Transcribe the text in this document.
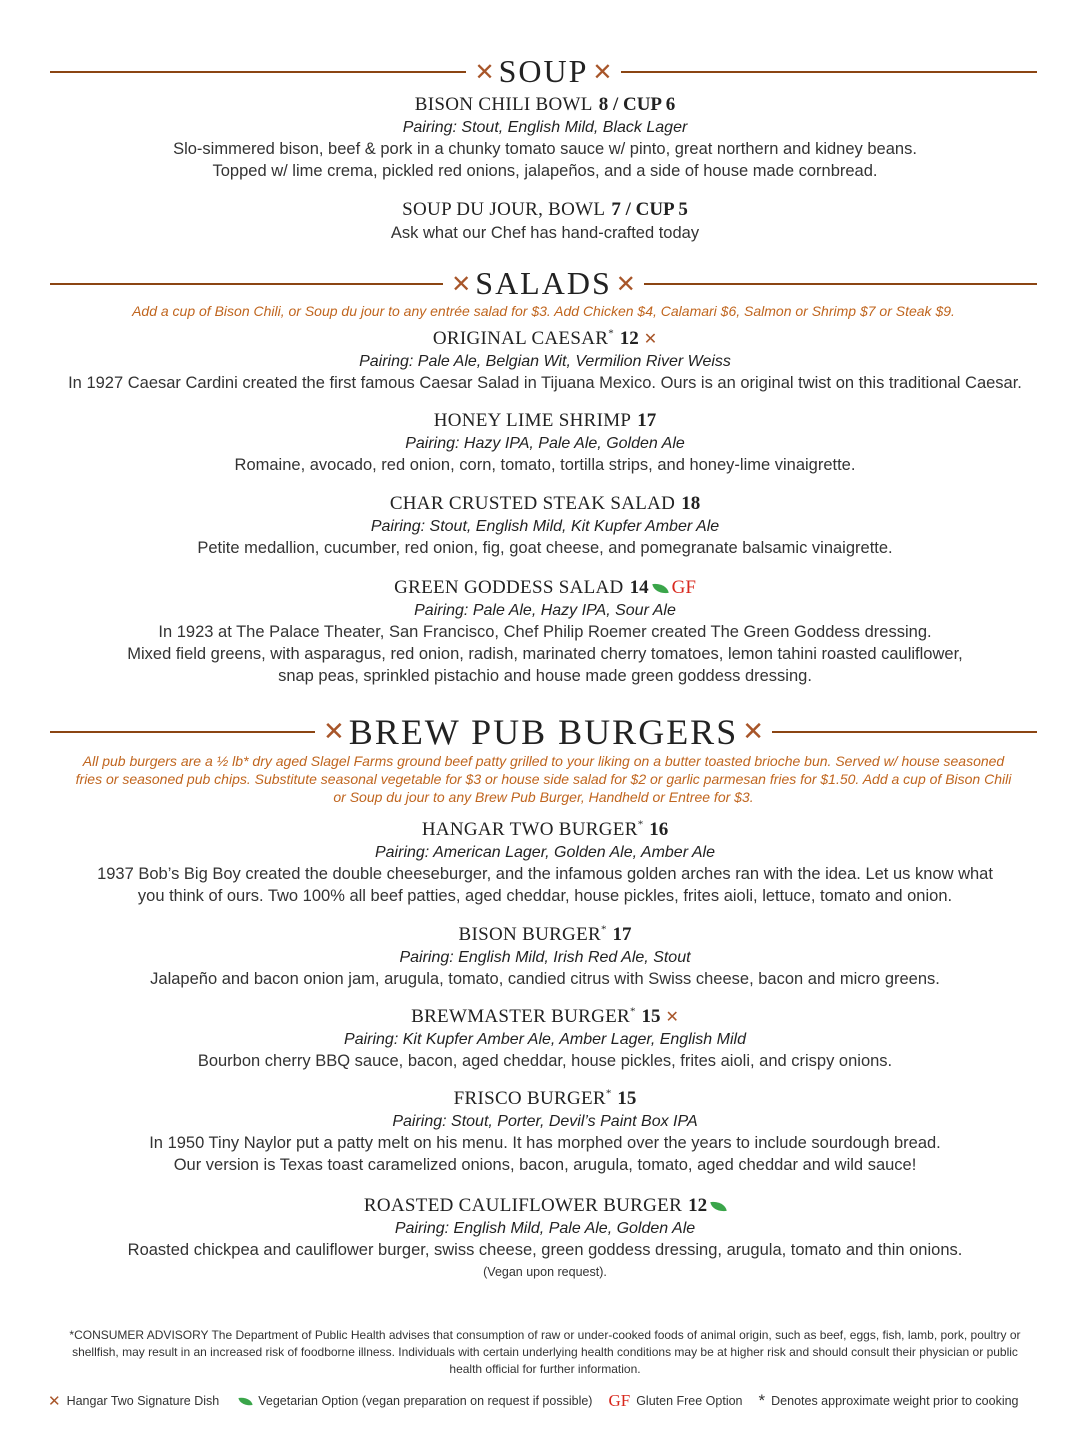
✕ SOUP ✕
BISON CHILI BOWL 8 / CUP 6
Pairing: Stout, English Mild, Black Lager
Slo-simmered bison, beef & pork in a chunky tomato sauce w/ pinto, great northern and kidney beans.
Topped w/ lime crema, pickled red onions, jalapeños, and a side of house made cornbread.
SOUP DU JOUR, BOWL 7 / CUP 5
Ask what our Chef has hand-crafted today
✕ SALADS ✕
Add a cup of Bison Chili, or Soup du jour to any entrée salad for $3. Add Chicken $4, Calamari $6, Salmon or Shrimp $7 or Steak $9.
ORIGINAL CAESAR* 12 ✕
Pairing: Pale Ale, Belgian Wit, Vermilion River Weiss
In 1927 Caesar Cardini created the first famous Caesar Salad in Tijuana Mexico. Ours is an original twist on this traditional Caesar.
HONEY LIME SHRIMP 17
Pairing: Hazy IPA, Pale Ale, Golden Ale
Romaine, avocado, red onion, corn, tomato, tortilla strips, and honey-lime vinaigrette.
CHAR CRUSTED STEAK SALAD 18
Pairing: Stout, English Mild, Kit Kupfer Amber Ale
Petite medallion, cucumber, red onion, fig, goat cheese, and pomegranate balsamic vinaigrette.
GREEN GODDESS SALAD 14 GF
Pairing: Pale Ale, Hazy IPA, Sour Ale
In 1923 at The Palace Theater, San Francisco, Chef Philip Roemer created The Green Goddess dressing.
Mixed field greens, with asparagus, red onion, radish, marinated cherry tomatoes, lemon tahini roasted cauliflower,
snap peas, sprinkled pistachio and house made green goddess dressing.
✕ BREW PUB BURGERS ✕
All pub burgers are a ½ lb* dry aged Slagel Farms ground beef patty grilled to your liking on a butter toasted brioche bun. Served w/ house seasoned
fries or seasoned pub chips. Substitute seasonal vegetable for $3 or house side salad for $2 or garlic parmesan fries for $1.50. Add a cup of Bison Chili
or Soup du jour to any Brew Pub Burger, Handheld or Entree for $3.
HANGAR TWO BURGER* 16
Pairing: American Lager, Golden Ale, Amber Ale
1937 Bob’s Big Boy created the double cheeseburger, and the infamous golden arches ran with the idea. Let us know what
you think of ours. Two 100% all beef patties, aged cheddar, house pickles, frites aioli, lettuce, tomato and onion.
BISON BURGER* 17
Pairing: English Mild, Irish Red Ale, Stout
Jalapeño and bacon onion jam, arugula, tomato, candied citrus with Swiss cheese, bacon and micro greens.
BREWMASTER BURGER* 15 ✕
Pairing: Kit Kupfer Amber Ale, Amber Lager, English Mild
Bourbon cherry BBQ sauce, bacon, aged cheddar, house pickles, frites aioli, and crispy onions.
FRISCO BURGER* 15
Pairing: Stout, Porter, Devil’s Paint Box IPA
In 1950 Tiny Naylor put a patty melt on his menu. It has morphed over the years to include sourdough bread.
Our version is Texas toast caramelized onions, bacon, arugula, tomato, aged cheddar and wild sauce!
ROASTED CAULIFLOWER BURGER 12
Pairing: English Mild, Pale Ale, Golden Ale
Roasted chickpea and cauliflower burger, swiss cheese, green goddess dressing, arugula, tomato and thin onions.
(Vegan upon request).
*CONSUMER ADVISORY The Department of Public Health advises that consumption of raw or under-cooked foods of animal origin, such as beef, eggs, fish, lamb, pork, poultry or
shellfish, may result in an increased risk of foodborne illness. Individuals with certain underlying health conditions may be at higher risk and should consult their physician or public
health official for further information.
✕ Hangar Two Signature Dish	Vegetarian Option (vegan preparation on request if possible) GF Gluten Free Option * Denotes approximate weight prior to cooking
